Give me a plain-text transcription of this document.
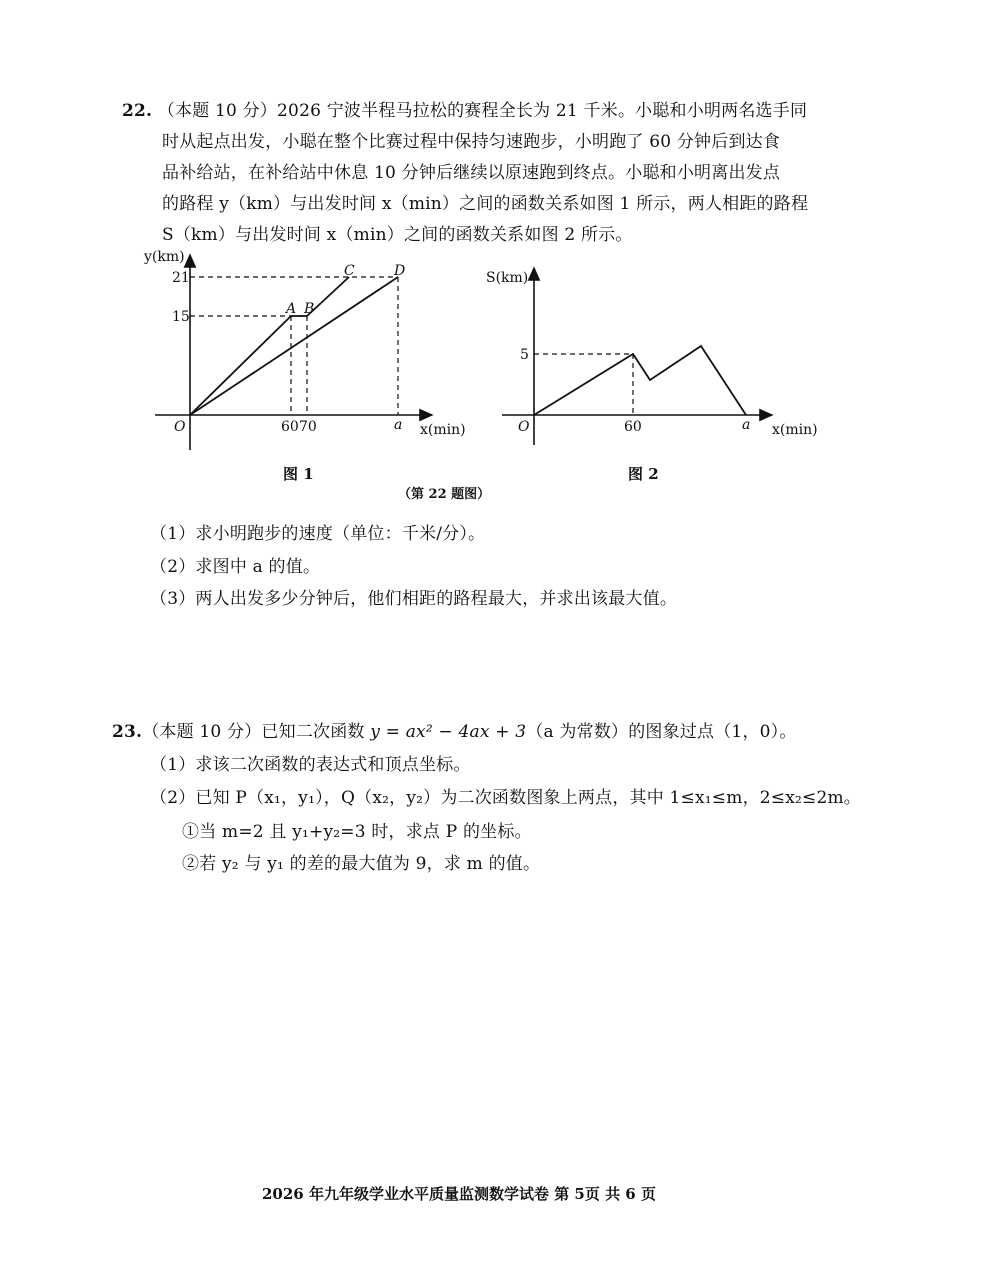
22. （本题 10 分）2026 宁波半程马拉松的赛程全长为 21 千米。小聪和小明两名选手同
时从起点出发，小聪在整个比赛过程中保持匀速跑步，小明跑了 60 分钟后到达食
品补给站，在补给站中休息 10 分钟后继续以原速跑到终点。小聪和小明离出发点
的路程 y（km）与出发时间 x（min）之间的函数关系如图 1 所示，两人相距的路程
S（km）与出发时间 x（min）之间的函数关系如图 2 所示。
y(km)
21
15
O	60 70	a x(min)
A B
C	D
图 1
S(km)
5
O	60	a x(min)
图 2
（第 22 题图）
（1）求小明跑步的速度（单位：千米/分）。
（2）求图中 a 的值。
（3）两人出发多少分钟后，他们相距的路程最大，并求出该最大值。
23.（本题 10 分）已知二次函数 y = ax² − 4ax + 3（a 为常数）的图象过点（1，0）。
（1）求该二次函数的表达式和顶点坐标。
（2）已知 P（x₁，y₁），Q（x₂，y₂）为二次函数图象上两点，其中 1≤x₁≤m，2≤x₂≤2m。
①当 m=2 且 y₁+y₂=3 时，求点 P 的坐标。
②若 y₂ 与 y₁ 的差的最大值为 9，求 m 的值。
2026 年九年级学业水平质量监测数学试卷 第 5页 共 6 页
